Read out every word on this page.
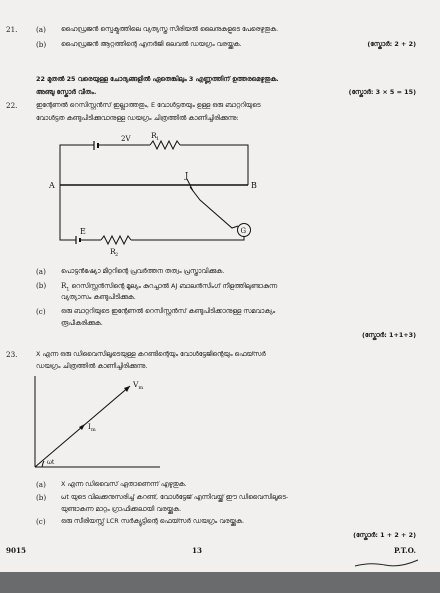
21.	(a) ഹൈഡ്രജൻ സ്പെക്ട്രത്തിലെ വ്യത്യസ്ത സീരിയൽ ലൈനുകളുടെ പേരെഴുതുക.
(b) ഹൈഡ്രജൻ ആറ്റത്തിന്റെ എനർജി ലെവൽ ഡയഗ്രം വരയ്ക്കുക.	(സ്കോർ: 2 + 2)
22 മുതൽ 25 വരെയുള്ള ചോദ്യങ്ങളിൽ ഏതെങ്കിലും 3 എണ്ണത്തിന് ഉത്തരമെഴുതുക.
അഞ്ചു സ്കോർ വീതം.	(സ്കോർ: 3 × 5 = 15)
22.	ഇന്റേണൽ റെസിസ്റ്റൻസ് ഇല്ലാത്തതും, E വോൾട്ടതയും ഉള്ള ഒരു ബാറ്ററിയുടെ
വോൾട്ടത കണ്ടുപിടിക്കുവാനുള്ള ഡയഗ്രം ചിത്രത്തിൽ കാണിച്ചിരിക്കുന്നു:
A	B
J
G
E
2V	R 1
R 2
V m
I m
ωt
(a) പൊട്ടൻഷ്യോ മീറ്ററിന്റെ പ്രവർത്തന തത്വം പ്രസ്താവിക്കുക.
(b) $R_1$ റെസിസ്റ്റൻസിന്റെ മൂല്യം കുറച്ചാൽ AJ ബാലൻസിംഗ് നീളത്തിലുണ്ടാകുന്ന
വ്യത്യാസം കണ്ടുപിടിക്കുക.
(c) ഒരു ബാറ്ററിയുടെ ഇന്റേണൽ റെസിസ്റ്റൻസ് കണ്ടുപിടിക്കാനുള്ള സമവാക്യം
രൂപീകരിക്കുക.
(സ്കോർ: 1+1+3)
23.	X എന്ന ഒരു ഡിവൈസിലൂടെയുള്ള കറണ്ടിന്റെയും വോൾട്ടേജിന്റെയും ഫെയ്സർ
ഡയഗ്രം ചിത്രത്തിൽ കാണിച്ചിരിക്കുന്നു.
(a) X എന്ന ഡിവൈസ് ഏതാണെന്ന് എഴുതുക.
(b) ωt യുടെ വിലക്കനുസരിച്ച് കറണ്ട്, വോൾട്ടേജ് എന്നിവയ്ക്ക് ഈ ഡിവൈസിലൂടെ-
യുണ്ടാകുന്ന മാറ്റം ഗ്രാഫിക്കലായി വരയ്ക്കുക.
(c) ഒരു സീരിയസ്സ് LCR സർക്യൂട്ടിന്റെ ഫെയ്സർ ഡയഗ്രം വരയ്ക്കുക.
(സ്കോർ: 1 + 2 + 2)
9015	13	P.T.O.
